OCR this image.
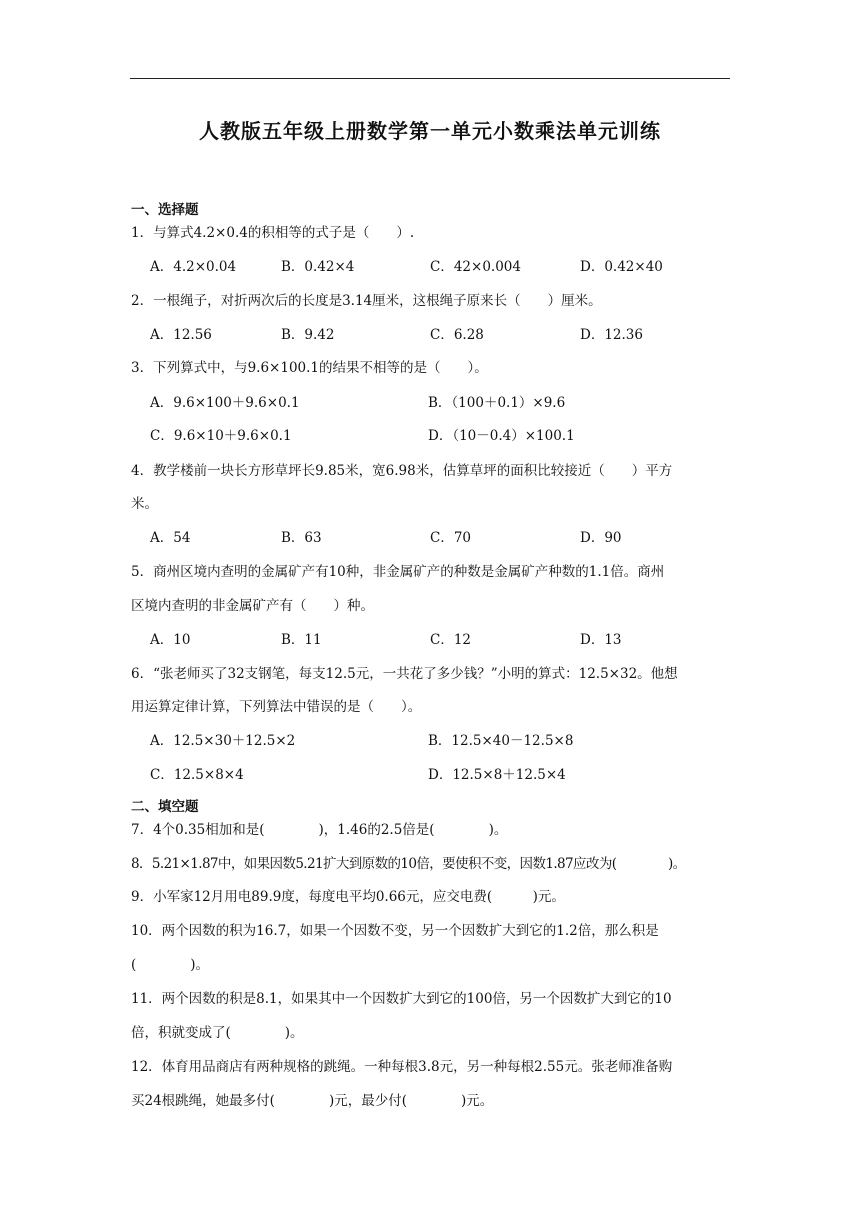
人教版五年级上册数学第一单元小数乘法单元训练
一、选择题
1．与算式4.2×0.4的积相等的式子是（　　）.
A．4.2×0.04	B．0.42×4	C．42×0.004	D．0.42×40
2．一根绳子，对折两次后的长度是3.14厘米，这根绳子原来长（　　）厘米。
A．12.56	B．9.42	C．6.28	D．12.36
3．下列算式中，与9.6×100.1的结果不相等的是（　　）。
A．9.6×100＋9.6×0.1	B．（100＋0.1）×9.6
C．9.6×10＋9.6×0.1	D．（10－0.4）×100.1
4．教学楼前一块长方形草坪长9.85米，宽6.98米，估算草坪的面积比较接近（　　）平方
米。
A．54	B．63	C．70	D．90
5．商州区境内查明的金属矿产有10种，非金属矿产的种数是金属矿产种数的1.1倍。商州
区境内查明的非金属矿产有（　　）种。
A．10	B．11	C．12	D．13
6．“张老师买了32支钢笔，每支12.5元，一共花了多少钱？”小明的算式：12.5×32。他想
用运算定律计算，下列算法中错误的是（　　）。
A．12.5×30＋12.5×2	B．12.5×40－12.5×8
C．12.5×8×4	D．12.5×8＋12.5×4
二、填空题
7．4个0.35相加和是(　　　　)，1.46的2.5倍是(　　　　)。
8．5.21×1.87中，如果因数5.21扩大到原数的10倍，要使积不变，因数1.87应改为(　　　　)。
9．小军家12月用电89.9度，每度电平均0.66元，应交电费(　　　)元。
10．两个因数的积为16.7，如果一个因数不变，另一个因数扩大到它的1.2倍，那么积是
(　　　　)。
11．两个因数的积是8.1，如果其中一个因数扩大到它的100倍，另一个因数扩大到它的10
倍，积就变成了(　　　　)。
12．体育用品商店有两种规格的跳绳。一种每根3.8元，另一种每根2.55元。张老师准备购
买24根跳绳，她最多付(　　　　)元，最少付(　　　　)元。
